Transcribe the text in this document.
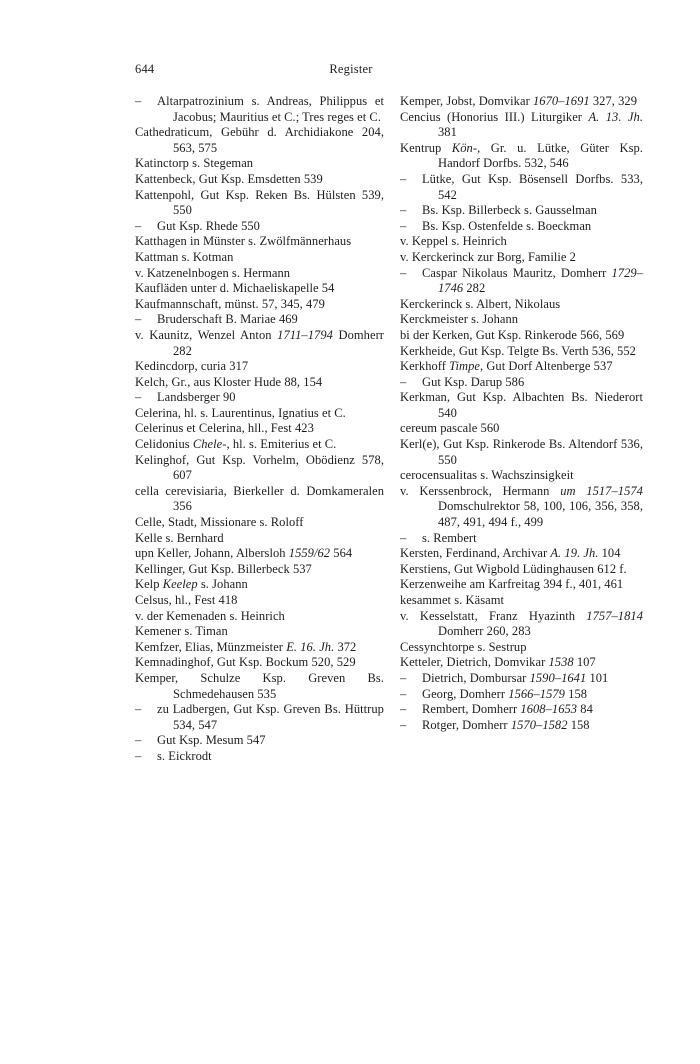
644	Register

– Altarpatrozinium s. Andreas, Philippus et Jacobus; Mauritius et C.; Tres reges et C.

Cathedraticum, Gebühr d. Archidiakone 204, 563, 575

Katinctorp s. Stegeman

Kattenbeck, Gut Ksp. Emsdetten 539

Kattenpohl, Gut Ksp. Reken Bs. Hülsten 539, 550

– Gut Ksp. Rhede 550

Katthagen in Münster s. Zwölfmännerhaus

Kattman s. Kotman

v. Katzenelnbogen s. Hermann

Kaufläden unter d. Michaeliskapelle 54

Kaufmannschaft, münst. 57, 345, 479

– Bruderschaft B. Mariae 469

v. Kaunitz, Wenzel Anton 1711–1794 Domherr 282

Kedincdorp, curia 317

Kelch, Gr., aus Kloster Hude 88, 154

– Landsberger 90

Celerina, hl. s. Laurentinus, Ignatius et C.

Celerinus et Celerina, hll., Fest 423

Celidonius Chele-, hl. s. Emiterius et C.

Kelinghof, Gut Ksp. Vorhelm, Obödienz 578, 607

cella cerevisiaria, Bierkeller d. Domkameralen 356

Celle, Stadt, Missionare s. Roloff

Kelle s. Bernhard

upn Keller, Johann, Albersloh 1559/62 564

Kellinger, Gut Ksp. Billerbeck 537

Kelp Keelep s. Johann

Celsus, hl., Fest 418

v. der Kemenaden s. Heinrich

Kemener s. Timan

Kemfzer, Elias, Münzmeister E. 16. Jh. 372

Kemnadinghof, Gut Ksp. Bockum 520, 529

Kemper, Schulze Ksp. Greven Bs. Schmedehausen 535

– zu Ladbergen, Gut Ksp. Greven Bs. Hüttrup 534, 547

– Gut Ksp. Mesum 547

– s. Eickrodt

Kemper, Jobst, Domvikar 1670–1691 327, 329

Cencius (Honorius III.) Liturgiker A. 13. Jh. 381

Kentrup Kön-, Gr. u. Lütke, Güter Ksp. Handorf Dorfbs. 532, 546

– Lütke, Gut Ksp. Bösensell Dorfbs. 533, 542

– Bs. Ksp. Billerbeck s. Gausselman

– Bs. Ksp. Ostenfelde s. Boeckman

v. Keppel s. Heinrich

v. Kerckerinck zur Borg, Familie 2

– Caspar Nikolaus Mauritz, Domherr 1729–1746 282

Kerckerinck s. Albert, Nikolaus

Kerckmeister s. Johann

bi der Kerken, Gut Ksp. Rinkerode 566, 569

Kerkheide, Gut Ksp. Telgte Bs. Verth 536, 552

Kerkhoff Timpe, Gut Dorf Altenberge 537

– Gut Ksp. Darup 586

Kerkman, Gut Ksp. Albachten Bs. Niederort 540

cereum pascale 560

Kerl(e), Gut Ksp. Rinkerode Bs. Altendorf 536, 550

cerocensualitas s. Wachszinsigkeit

v. Kerssenbrock, Hermann um 1517–1574 Domschulrektor 58, 100, 106, 356, 358, 487, 491, 494 f., 499

– s. Rembert

Kersten, Ferdinand, Archivar A. 19. Jh. 104

Kerstiens, Gut Wigbold Lüdinghausen 612 f.

Kerzenweihe am Karfreitag 394 f., 401, 461

kesammet s. Käsamt

v. Kesselstatt, Franz Hyazinth 1757–1814 Domherr 260, 283

Cessynchtorpe s. Sestrup

Ketteler, Dietrich, Domvikar 1538 107

– Dietrich, Dombursar 1590–1641 101

– Georg, Domherr 1566–1579 158

– Rembert, Domherr 1608–1653 84

– Rotger, Domherr 1570–1582 158
